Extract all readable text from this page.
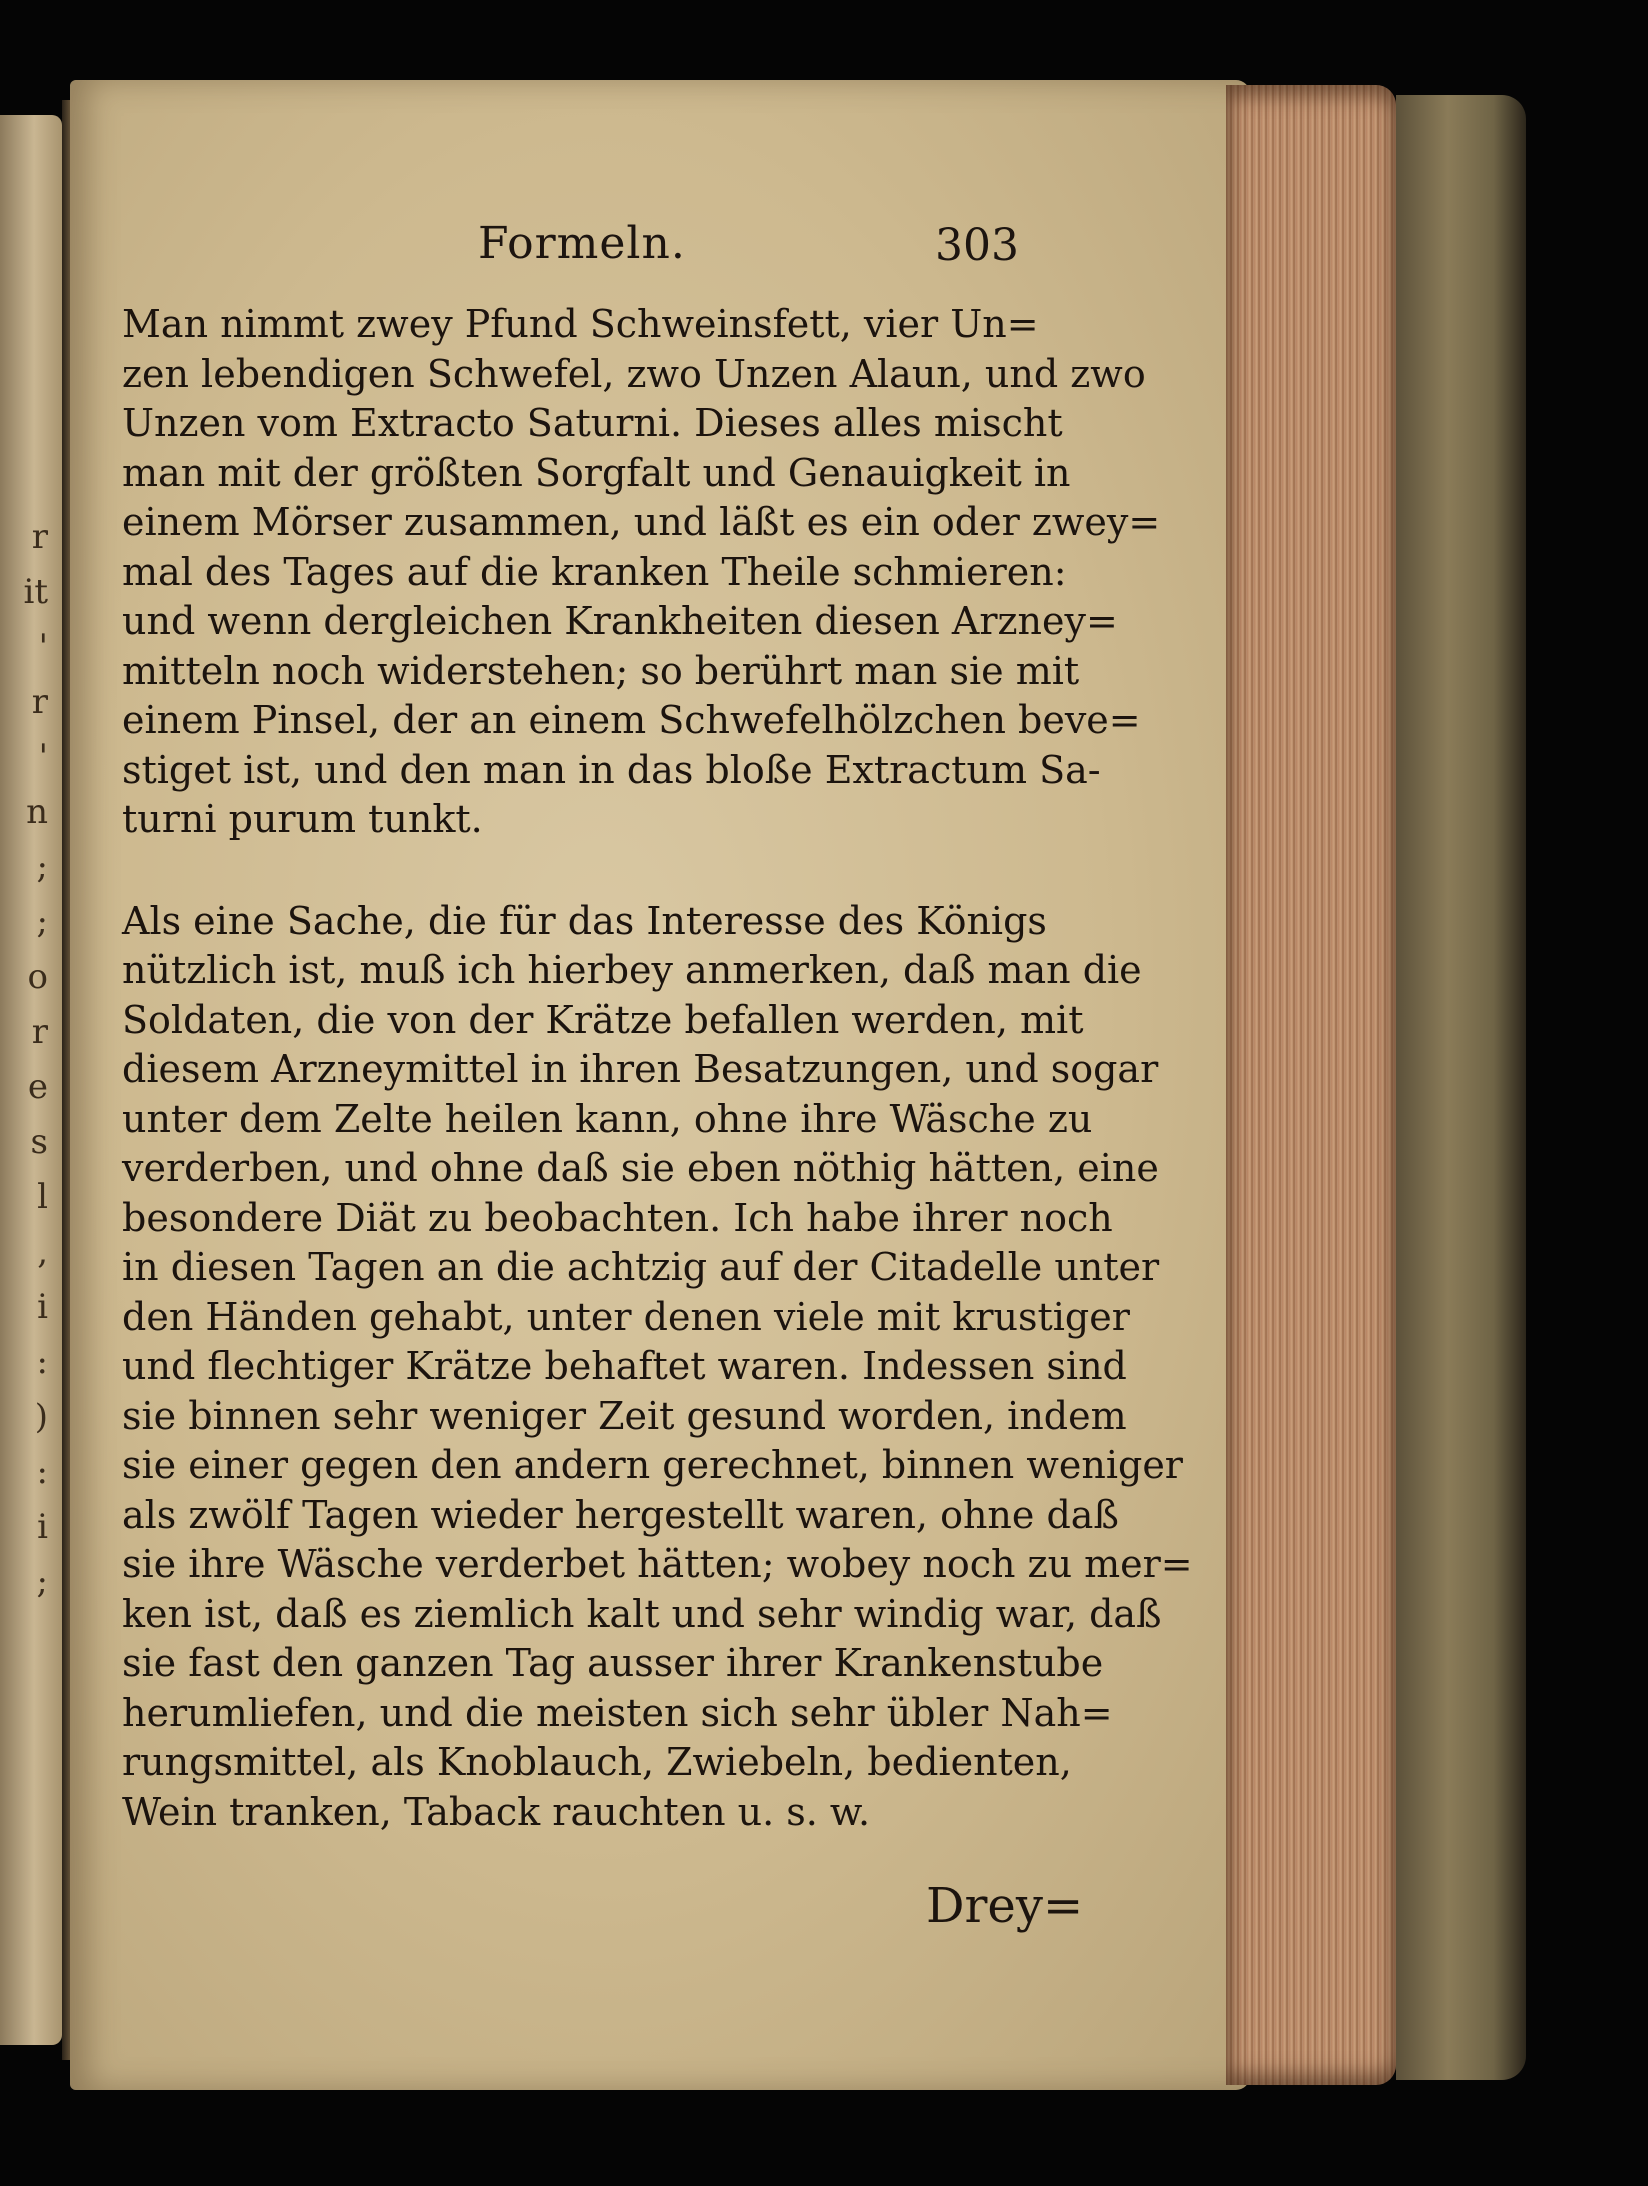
r
it
'
r
'
n
;
;
o
r
e
s
l
,
i
:
)
:
i
;
Formeln.	303
Man nimmt zwey Pfund Schweinsfett, vier Un=
zen lebendigen Schwefel, zwo Unzen Alaun, und zwo
Unzen vom Extracto Saturni. Dieses alles mischt
man mit der größten Sorgfalt und Genauigkeit in
einem Mörser zusammen, und läßt es ein oder zwey=
mal des Tages auf die kranken Theile schmieren:
und wenn dergleichen Krankheiten diesen Arzney=
mitteln noch widerstehen; so berührt man sie mit
einem Pinsel, der an einem Schwefelhölzchen beve=
stiget ist, und den man in das bloße Extractum Sa-
turni purum tunkt.
Als eine Sache, die für das Interesse des Königs
nützlich ist, muß ich hierbey anmerken, daß man die
Soldaten, die von der Krätze befallen werden, mit
diesem Arzneymittel in ihren Besatzungen, und sogar
unter dem Zelte heilen kann, ohne ihre Wäsche zu
verderben, und ohne daß sie eben nöthig hätten, eine
besondere Diät zu beobachten. Ich habe ihrer noch
in diesen Tagen an die achtzig auf der Citadelle unter
den Händen gehabt, unter denen viele mit krustiger
und flechtiger Krätze behaftet waren. Indessen sind
sie binnen sehr weniger Zeit gesund worden, indem
sie einer gegen den andern gerechnet, binnen weniger
als zwölf Tagen wieder hergestellt waren, ohne daß
sie ihre Wäsche verderbet hätten; wobey noch zu mer=
ken ist, daß es ziemlich kalt und sehr windig war, daß
sie fast den ganzen Tag ausser ihrer Krankenstube
herumliefen, und die meisten sich sehr übler Nah=
rungsmittel, als Knoblauch, Zwiebeln, bedienten,
Wein tranken, Taback rauchten u. s. w.
Drey=
